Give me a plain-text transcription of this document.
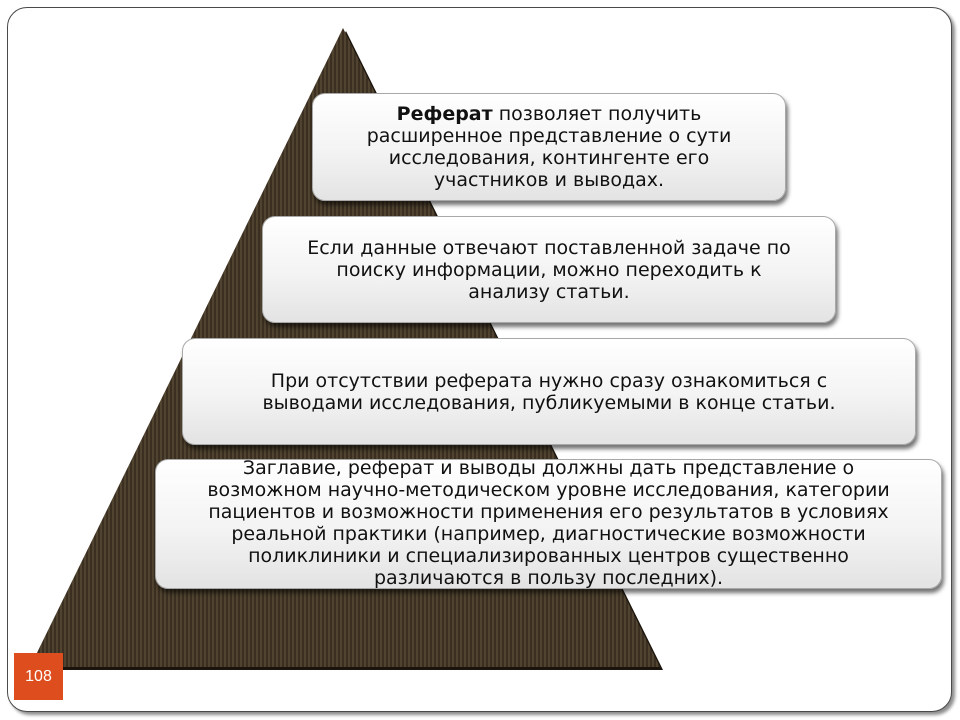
Реферат позволяет получить
расширенное представление о сути
исследования, контингенте его
участников и выводах.

Если данные отвечают поставленной задаче по
поиску информации, можно переходить к
анализу статьи.

При отсутствии реферата нужно сразу ознакомиться с
выводами исследования, публикуемыми в конце статьи.

Заглавие, реферат и выводы должны дать представление о
возможном научно-методическом уровне исследования, категории
пациентов и возможности применения его результатов в условиях
реальной практики (например, диагностические возможности
поликлиники и специализированных центров существенно
различаются в пользу последних).

108
